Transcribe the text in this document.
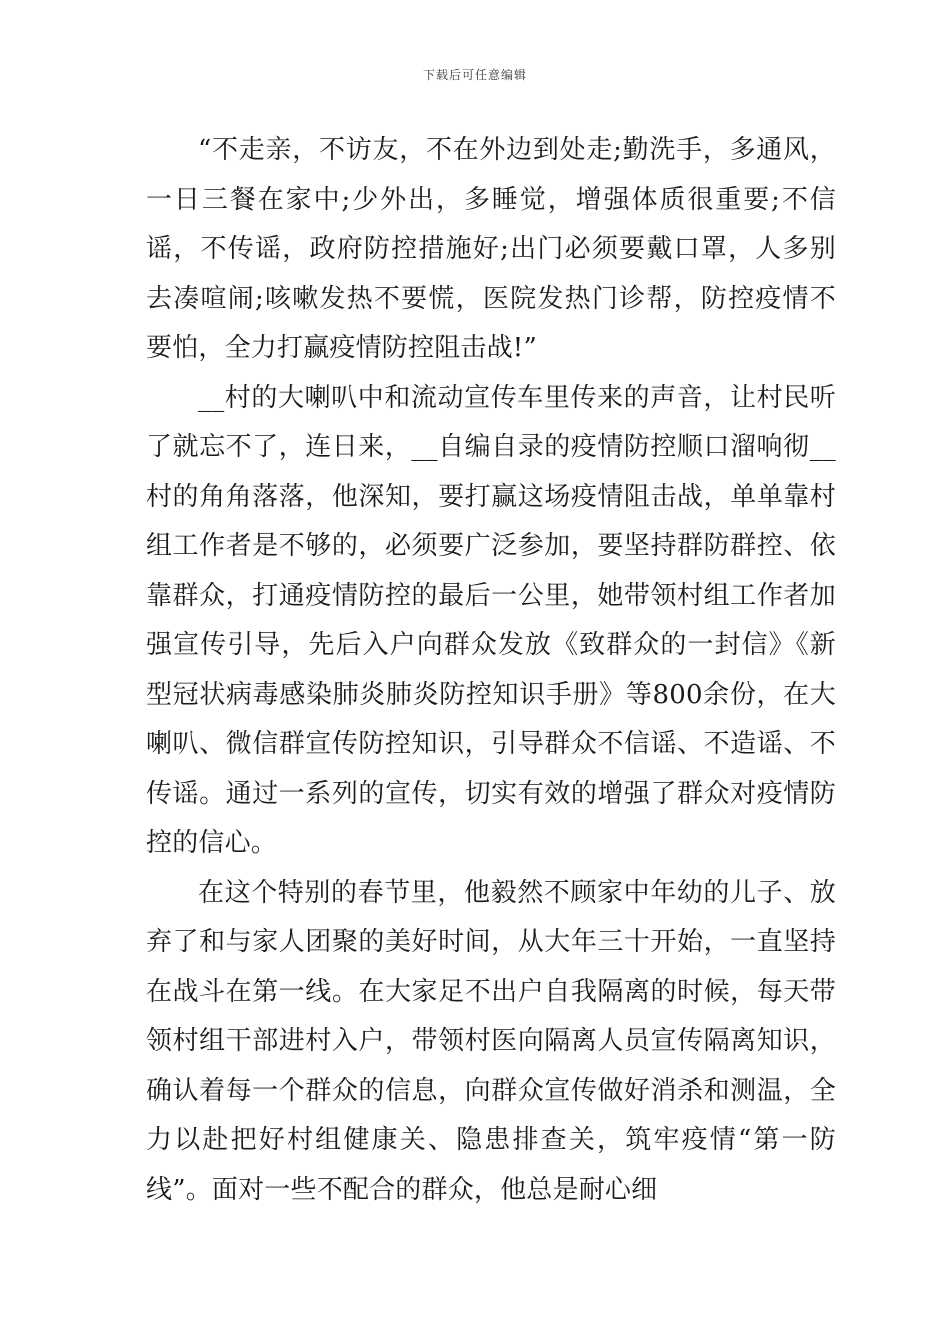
下载后可任意编辑

“不走亲，不访友，不在外边到处走;勤洗手，多通风，一日三餐在家中;少外出，多睡觉，增强体质很重要;不信谣，不传谣，政府防控措施好;出门必须要戴口罩，人多别去凑喧闹;咳嗽发热不要慌，医院发热门诊帮，防控疫情不要怕，全力打赢疫情防控阻击战!”

__村的大喇叭中和流动宣传车里传来的声音，让村民听了就忘不了，连日来，__自编自录的疫情防控顺口溜响彻__村的角角落落，他深知，要打赢这场疫情阻击战，单单靠村组工作者是不够的，必须要广泛参加，要坚持群防群控、依靠群众，打通疫情防控的最后一公里，她带领村组工作者加强宣传引导，先后入户向群众发放《致群众的一封信》《新型冠状病毒感染肺炎肺炎防控知识手册》等800余份，在大喇叭、微信群宣传防控知识，引导群众不信谣、不造谣、不传谣。通过一系列的宣传，切实有效的增强了群众对疫情防控的信心。

在这个特别的春节里，他毅然不顾家中年幼的儿子、放弃了和与家人团聚的美好时间，从大年三十开始，一直坚持在战斗在第一线。在大家足不出户自我隔离的时候，每天带领村组干部进村入户，带领村医向隔离人员宣传隔离知识，确认着每一个群众的信息，向群众宣传做好消杀和测温，全力以赴把好村组健康关、隐患排查关，筑牢疫情“第一防线”。面对一些不配合的群众，他总是耐心细
